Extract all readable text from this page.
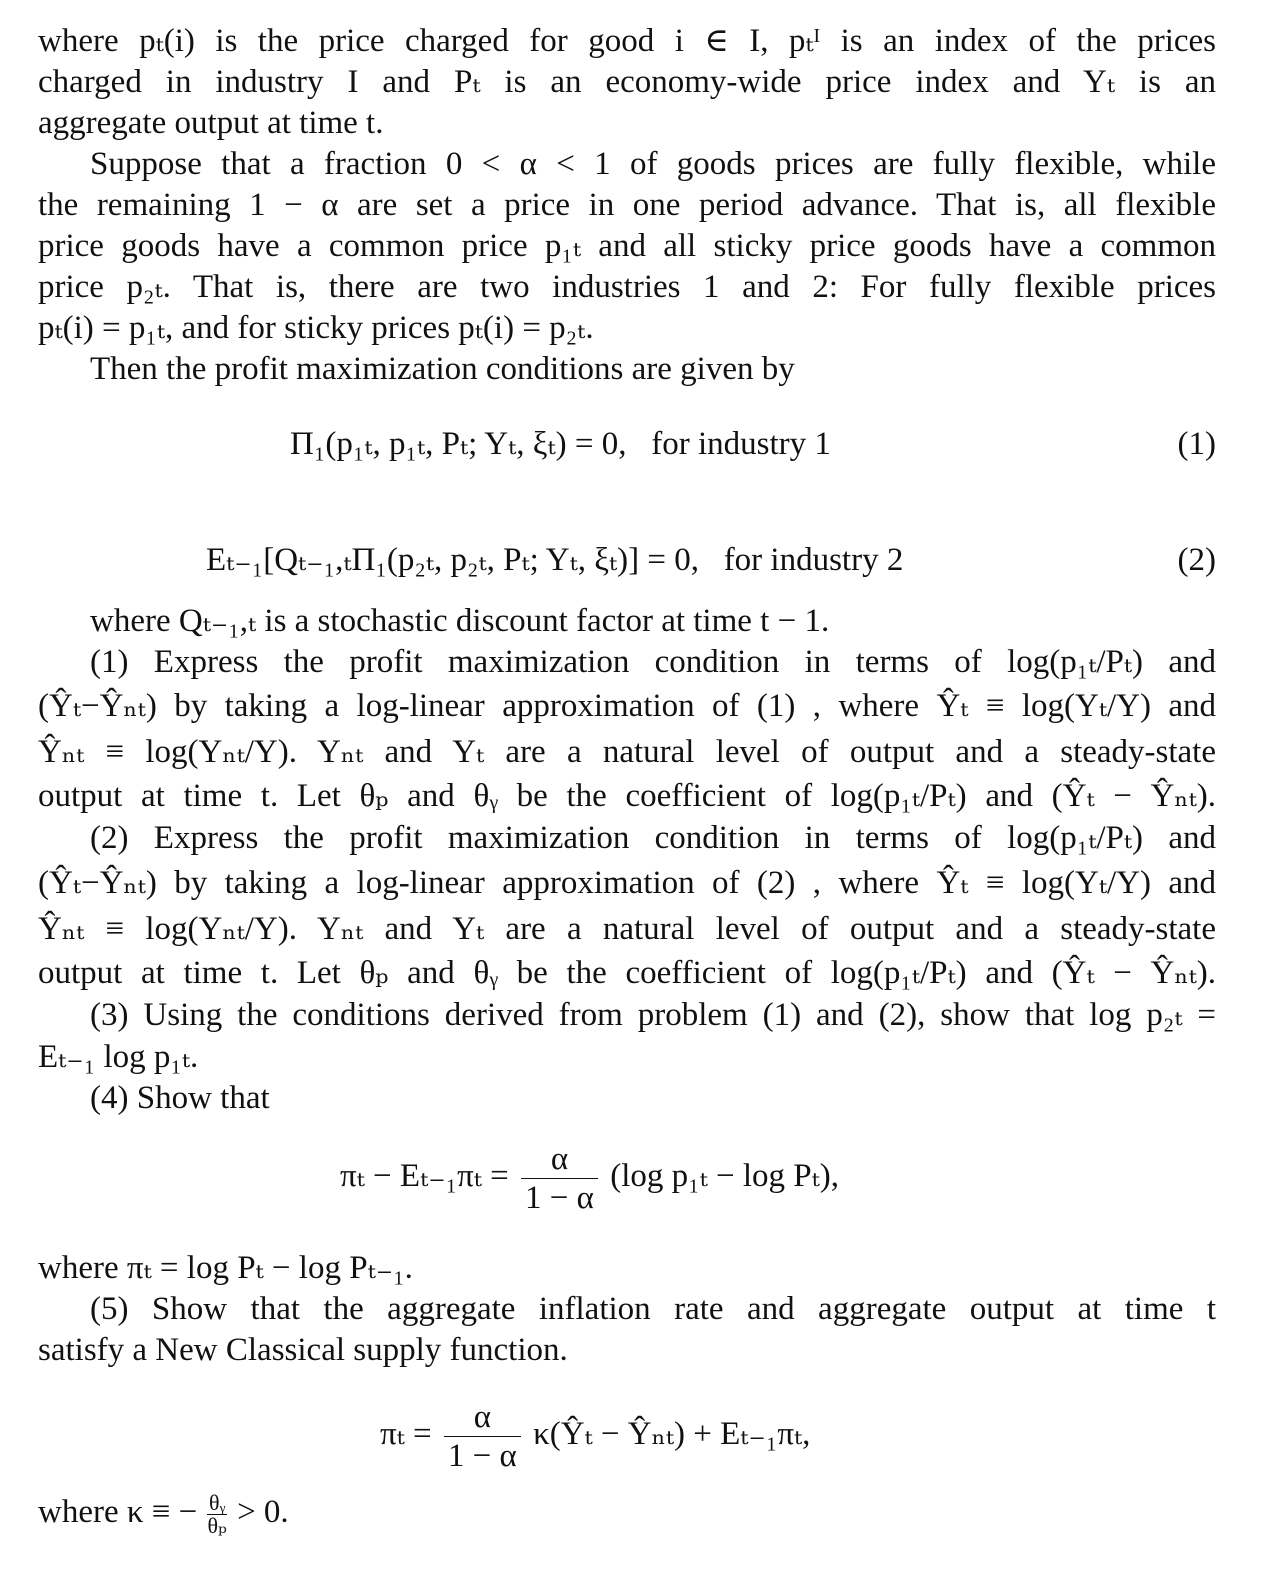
where pₜ(i) is the price charged for good i ∈ I, pₜᴵ is an index of the prices
charged in industry I and Pₜ is an economy-wide price index and Yₜ is an
aggregate output at time t.
Suppose that a fraction 0 < α < 1 of goods prices are fully flexible, while
the remaining 1 − α are set a price in one period advance. That is, all flexible
price goods have a common price p₁ₜ and all sticky price goods have a common
price p₂ₜ. That is, there are two industries 1 and 2: For fully flexible prices
pₜ(i) = p₁ₜ, and for sticky prices pₜ(i) = p₂ₜ.
Then the profit maximization conditions are given by
Π₁(p₁ₜ, p₁ₜ, Pₜ; Yₜ, ξₜ) = 0, for industry 1	(1)
Eₜ₋₁[Qₜ₋₁,ₜΠ₁(p₂ₜ, p₂ₜ, Pₜ; Yₜ, ξₜ)] = 0, for industry 2	(2)
where Qₜ₋₁,ₜ is a stochastic discount factor at time t − 1.
(1) Express the profit maximization condition in terms of log(p₁ₜ/Pₜ) and
(Ŷₜ−Ŷₙₜ) by taking a log-linear approximation of (1) , where Ŷₜ ≡ log(Yₜ/Y) and
Ŷₙₜ ≡ log(Yₙₜ/Y). Yₙₜ and Yₜ are a natural level of output and a steady-state
output at time t. Let θₚ and θᵧ be the coefficient of log(p₁ₜ/Pₜ) and (Ŷₜ − Ŷₙₜ).
(2) Express the profit maximization condition in terms of log(p₁ₜ/Pₜ) and
(Ŷₜ−Ŷₙₜ) by taking a log-linear approximation of (2) , where Ŷₜ ≡ log(Yₜ/Y) and
Ŷₙₜ ≡ log(Yₙₜ/Y). Yₙₜ and Yₜ are a natural level of output and a steady-state
output at time t. Let θₚ and θᵧ be the coefficient of log(p₁ₜ/Pₜ) and (Ŷₜ − Ŷₙₜ).
(3) Using the conditions derived from problem (1) and (2), show that log p₂ₜ =
Eₜ₋₁ log p₁ₜ.
(4) Show that
$\pi_t - E_{t-1}\pi_t = \frac{\alpha}{1 - \alpha} (\log$ p₁ₜ − log Pₜ),
where πₜ = log Pₜ − log Pₜ₋₁.
(5) Show that the aggregate inflation rate and aggregate output at time t
satisfy a New Classical supply function.
$\pi_t = \frac{\alpha}{1 - \alpha}$ κ(Ŷₜ − Ŷₙₜ) + Eₜ₋₁πₜ,
where κ ≡ − $\frac{\text{θᵧ}}{\text{θₚ}} > 0$.
